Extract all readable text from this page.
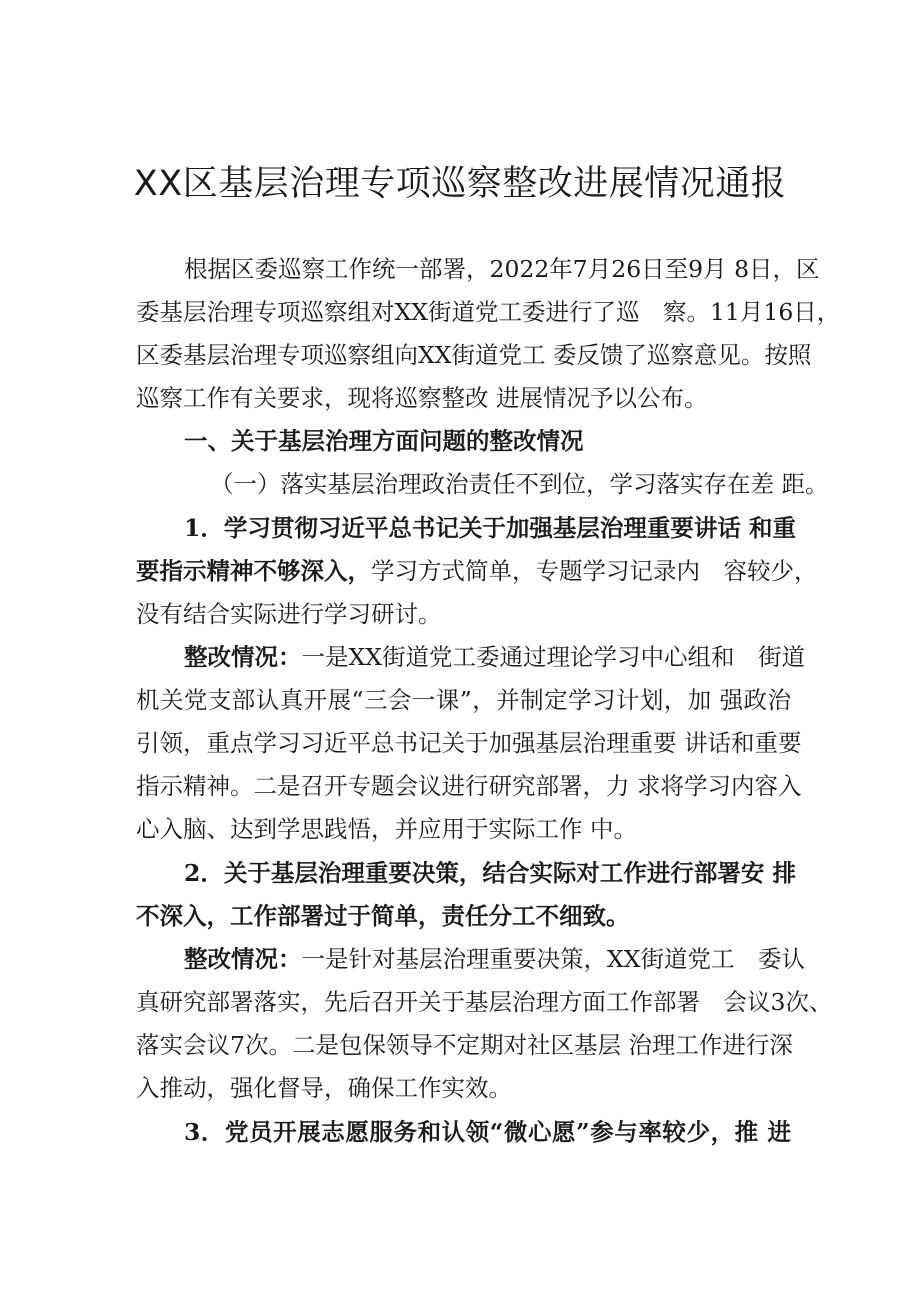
XX区基层治理专项巡察整改进展情况通报
根据区委巡察工作统一部署，2022年7月26日至9月 8日，区
委基层治理专项巡察组对XX街道党工委进行了巡　察。11月16日，
区委基层治理专项巡察组向XX街道党工 委反馈了巡察意见。按照
巡察工作有关要求，现将巡察整改 进展情况予以公布。
一、关于基层治理方面问题的整改情况
（一）落实基层治理政治责任不到位，学习落实存在差 距。
1．学习贯彻习近平总书记关于加强基层治理重要讲话 和重
要指示精神不够深入，学习方式简单，专题学习记录内　容较少，
没有结合实际进行学习研讨。
整改情况：一是XX街道党工委通过理论学习中心组和　街道
机关党支部认真开展“三会一课”，并制定学习计划，加 强政治
引领，重点学习习近平总书记关于加强基层治理重要 讲话和重要
指示精神。二是召开专题会议进行研究部署，力 求将学习内容入
心入脑、达到学思践悟，并应用于实际工作 中。
2．关于基层治理重要决策，结合实际对工作进行部署安 排
不深入，工作部署过于简单，责任分工不细致。
整改情况：一是针对基层治理重要决策，XX街道党工　委认
真研究部署落实，先后召开关于基层治理方面工作部署　会议3次、
落实会议7次。二是包保领导不定期对社区基层 治理工作进行深
入推动，强化督导，确保工作实效。
3．党员开展志愿服务和认领“微心愿”参与率较少，推 进
